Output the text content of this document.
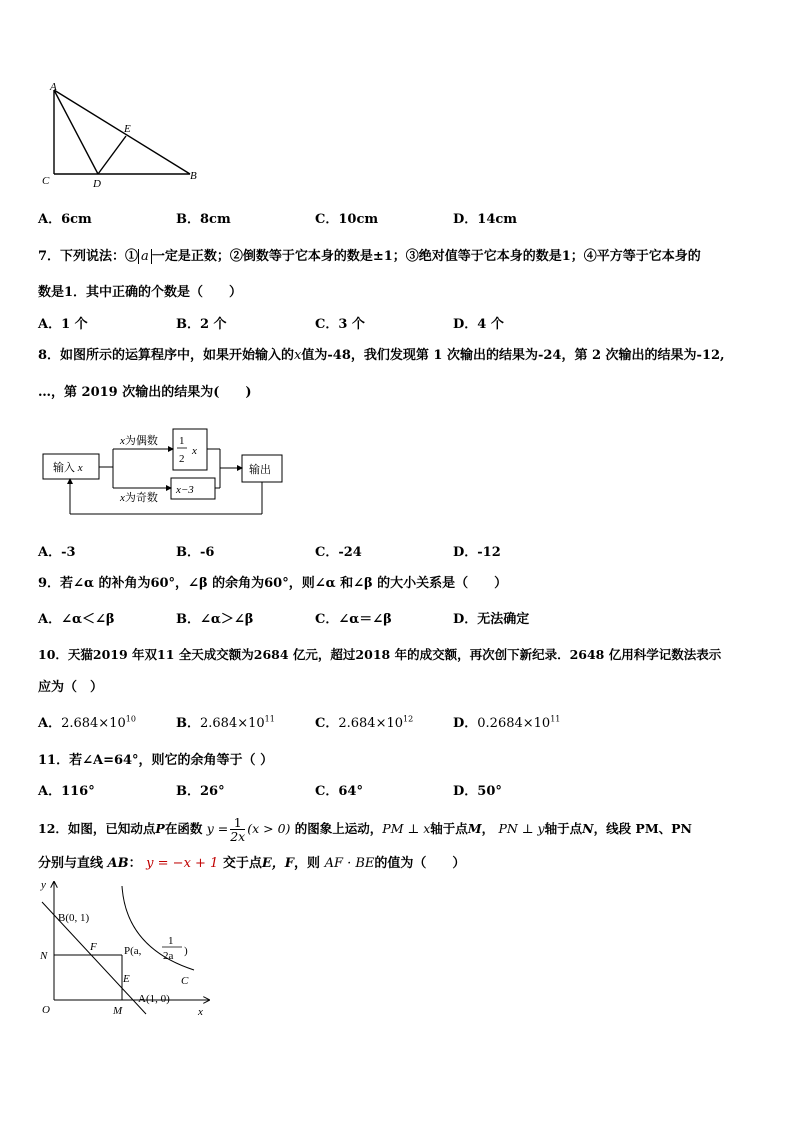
A
E
C	D
B
A．6cm	B．8cm	C．10cm	D．14cm
7．下列说法：① a 一定是正数；②倒数等于它本身的数是±1；③绝对值等于它本身的数是1；④平方等于它本身的
数是1．其中正确的个数是（　　）
A．1 个	B．2 个	C．3 个	D．4 个
8．如图所示的运算程序中，如果开始输入的x值为-48，我们发现第 1 次输出的结果为-24，第 2 次输出的结果为-12,
…，第 2019 次输出的结果为(　　)
输入 x
x为偶数
x为奇数
1
2
x
x−3
输出
A．-3	B．-6	C．-24	D．-12
9．若∠α 的补角为60°，∠β 的余角为60°，则∠α 和∠β 的大小关系是（　　）
A．∠α＜∠β	B．∠α＞∠β	C．∠α＝∠β	D．无法确定
10．天猫2019 年双11 全天成交额为2684 亿元，超过2018 年的成交额，再次创下新纪录．2648 亿用科学记数法表示
应为（　）
A．$2.684\times 10^{10}$	B．$2.684\times 10^{11}$	C．$2.684\times 10^{12}$	D．$0.2684\times 10^{11}$
11．若∠A=64°，则它的余角等于（ ）
A．116°	B．26°	C．64°	D．50°
12．如图，已知动点P在函数 $y = \frac{1}{2x} (x > 0)$ 的图象上运动，PM ⊥ x轴于点M， PN ⊥ y轴于点N，线段 PM、PN
分别与直线 AB： y = −x + 1 交于点E，F，则 AF · BE的值为（　　）
y
x
O	M
N
B(0, 1)
F
E
P(a,
1
2a )
C
A(1, 0)
